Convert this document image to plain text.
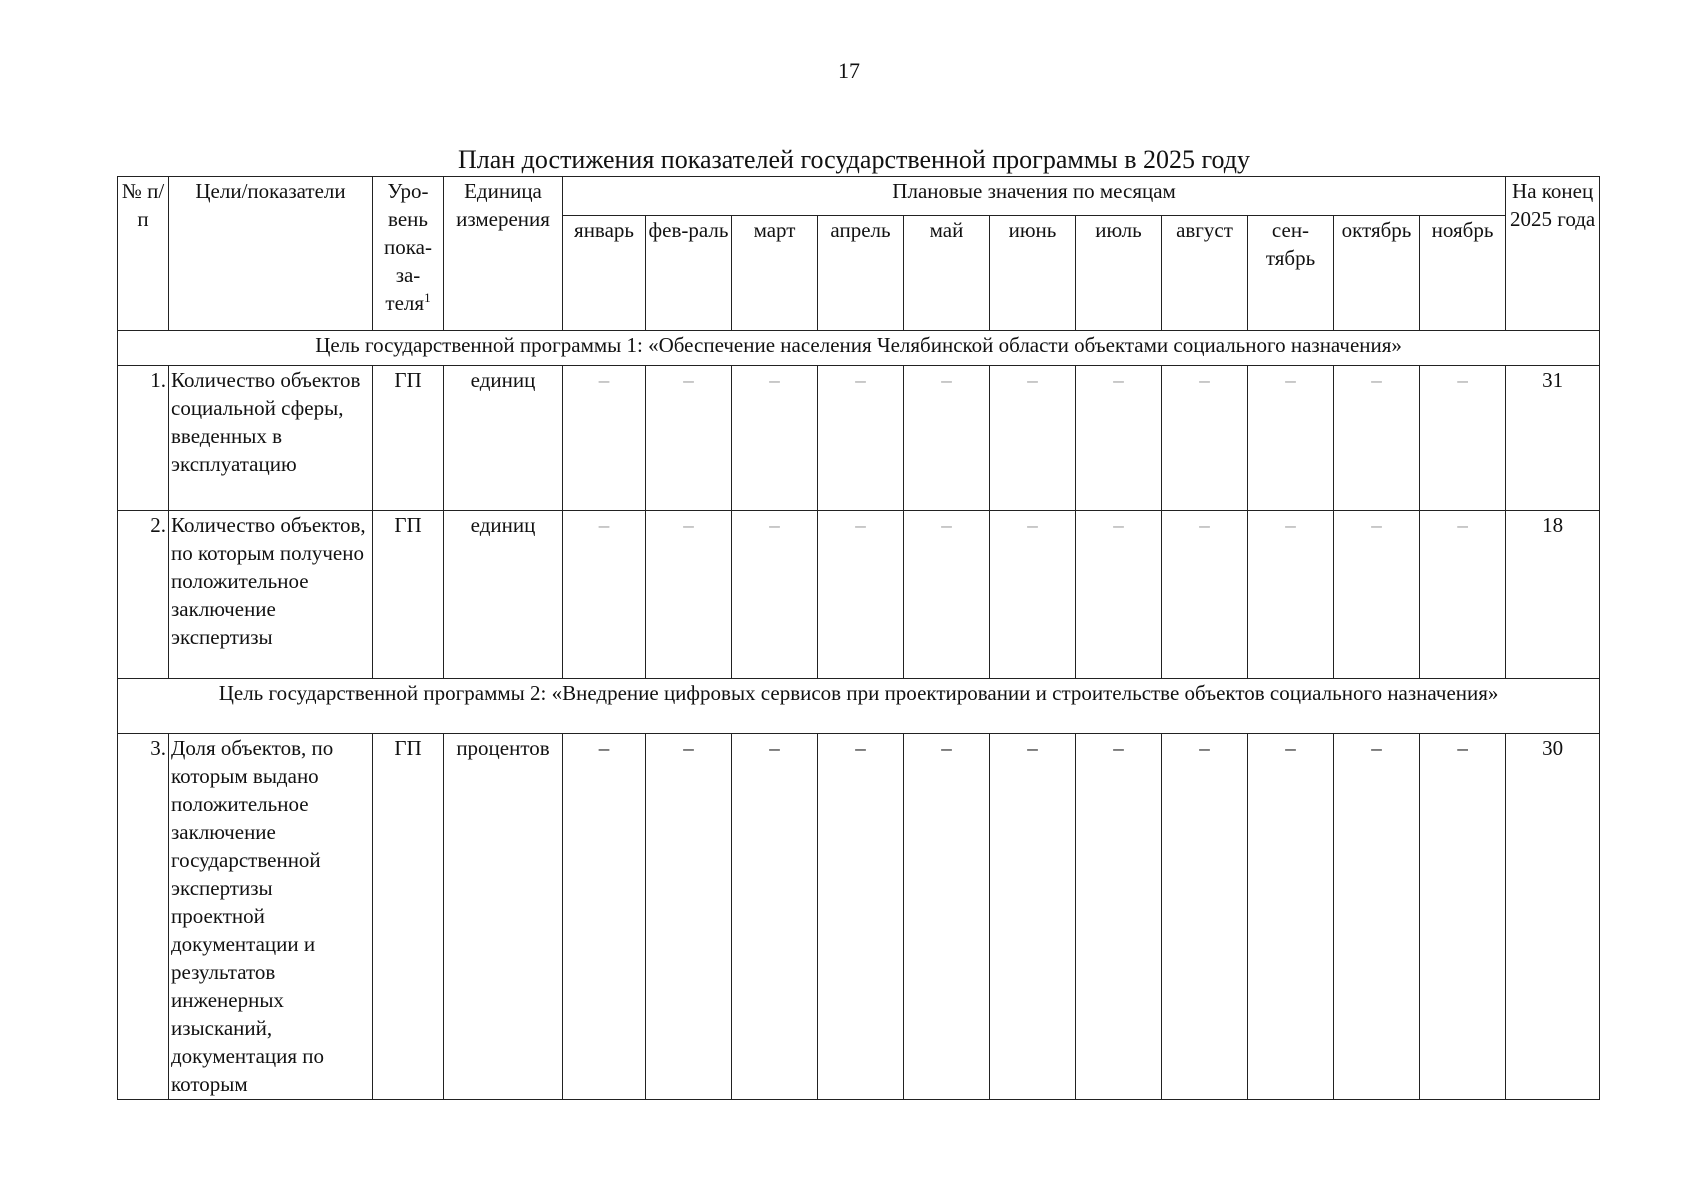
17
План достижения показателей государственной программы в 2025 году
№ п/п	Цели/показатели	Уро-вень пока-за-теля$^1$	Единица измерения	Плановые значения по месяцам											На конец 2025 года
				январь	фев-раль	март	апрель	май	июнь	июль	август	сен-тябрь	октябрь	ноябрь	
Цель государственной программы 1: «Обеспечение населения Челябинской области объектами социального назначения»															
1.	Количество объектов социальной сферы, введенных в эксплуатацию	ГП	единиц	–	–	–	–	–	–	–	–	–	–	–	31
2.	Количество объектов, по которым получено положительное заключение экспертизы	ГП	единиц	–	–	–	–	–	–	–	–	–	–	–	18
Цель государственной программы 2: «Внедрение цифровых сервисов при проектировании и строительстве объектов социального назначения»															
3.	Доля объектов, по которым выдано положительное заключение государственной экспертизы проектной документации и результатов инженерных изысканий, документация по которым	ГП	процентов	–	–	–	–	–	–	–	–	–	–	–	30
